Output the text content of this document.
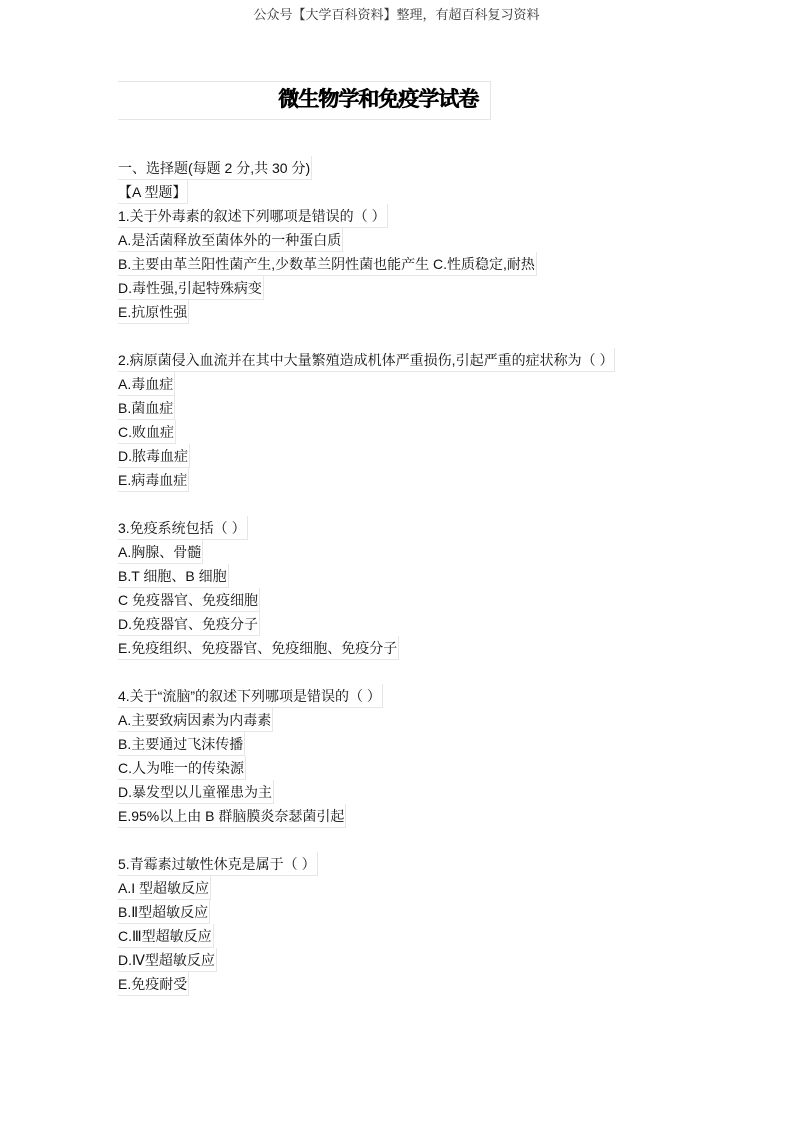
公众号【大学百科资料】整理，有超百科复习资料
微生物学和免疫学试卷
一、选择题(每题 2 分,共 30 分)
【A 型题】
1.关于外毒素的叙述下列哪项是错误的（ ）
A.是活菌释放至菌体外的一种蛋白质
B.主要由革兰阳性菌产生,少数革兰阴性菌也能产生 C.性质稳定,耐热
D.毒性强,引起特殊病变
E.抗原性强
2.病原菌侵入血流并在其中大量繁殖造成机体严重损伤,引起严重的症状称为（ ）
A.毒血症
B.菌血症
C.败血症
D.脓毒血症
E.病毒血症
3.免疫系统包括（ ）
A.胸腺、骨髓
B.T 细胞、B 细胞
C 免疫器官、免疫细胞
D.免疫器官、免疫分子
E.免疫组织、免疫器官、免疫细胞、免疫分子
4.关于“流脑”的叙述下列哪项是错误的（ ）
A.主要致病因素为内毒素
B.主要通过飞沫传播
C.人为唯一的传染源
D.暴发型以儿童罹患为主
E.95%以上由 B 群脑膜炎奈瑟菌引起
5.青霉素过敏性休克是属于（ ）
A.I 型超敏反应
B.Ⅱ型超敏反应
C.Ⅲ型超敏反应
D.Ⅳ型超敏反应
E.免疫耐受
